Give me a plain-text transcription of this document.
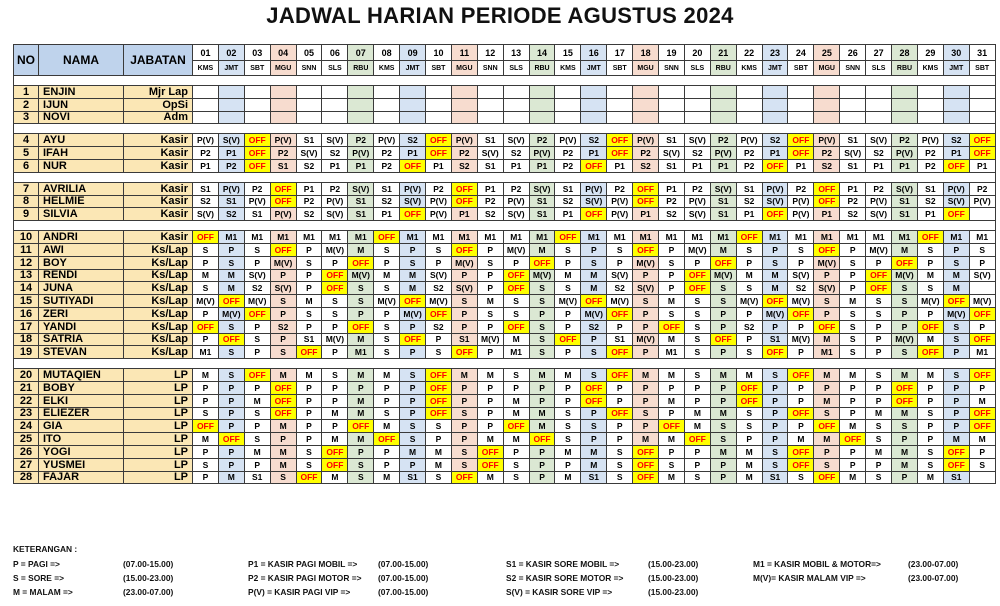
JADWAL HARIAN PERIODE AGUSTUS 2024
NO	NAMA	JABATAN	01	02	03	04	05	06	07	08	09	10	11	12	13	14	15	16	17	18	19	20	21	22	23	24	25	26	27	28	29	30	31
			KMS	JMT	SBT	MGU	SNN	SLS	RBU	KMS	JMT	SBT	MGU	SNN	SLS	RBU	KMS	JMT	SBT	MGU	SNN	SLS	RBU	KMS	JMT	SBT	MGU	SNN	SLS	RBU	KMS	JMT	SBT

1	ENJIN	Mjr Lap																															
2	IJUN	OpSi																															
3	NOVI	Adm																															

4	AYU	Kasir	P(V)	S(V)	OFF	P(V)	S1	S(V)	P2	P(V)	S2	OFF	P(V)	S1	S(V)	P2	P(V)	S2	OFF	P(V)	S1	S(V)	P2	P(V)	S2	OFF	P(V)	S1	S(V)	P2	P(V)	S2	OFF
5	IFAH	Kasir	P2	P1	OFF	P2	S(V)	S2	P(V)	P2	P1	OFF	P2	S(V)	S2	P(V)	P2	P1	OFF	P2	S(V)	S2	P(V)	P2	P1	OFF	P2	S(V)	S2	P(V)	P2	P1	OFF
6	NUR	Kasir	P1	P2	OFF	S1	S2	P1	P1	P2	OFF	P1	S2	S1	P1	P1	P2	OFF	P1	S2	S1	P1	P1	P2	OFF	P1	S2	S1	P1	P1	P2	OFF	P1

7	AVRILIA	Kasir	S1	P(V)	P2	OFF	P1	P2	S(V)	S1	P(V)	P2	OFF	P1	P2	S(V)	S1	P(V)	P2	OFF	P1	P2	S(V)	S1	P(V)	P2	OFF	P1	P2	S(V)	S1	P(V)	P2
8	HELMIE	Kasir	S2	S1	P(V)	OFF	P2	P(V)	S1	S2	S(V)	P(V)	OFF	P2	P(V)	S1	S2	S(V)	P(V)	OFF	P2	P(V)	S1	S2	S(V)	P(V)	OFF	P2	P(V)	S1	S2	S(V)	P(V)
9	SILVIA	Kasir	S(V)	S2	S1	P(V)	S2	S(V)	S1	P1	OFF	P(V)	P1	S2	S(V)	S1	P1	OFF	P(V)	P1	S2	S(V)	S1	P1	OFF	P(V)	P1	S2	S(V)	S1	P1	OFF	

10	ANDRI	Kasir	OFF	M1	M1	M1	M1	M1	M1	OFF	M1	M1	M1	M1	M1	M1	OFF	M1	M1	M1	M1	M1	M1	OFF	M1	M1	M1	M1	M1	M1	OFF	M1	M1
11	AWI	Ks/Lap	S	P	S	OFF	P	M(V)	M	S	P	S	OFF	P	M(V)	M	S	P	S	OFF	P	M(V)	M	S	P	S	OFF	P	M(V)	M	S	P	S
12	BOY	Ks/Lap	P	S	P	M(V)	S	P	OFF	P	S	P	M(V)	S	P	OFF	P	S	P	M(V)	S	P	OFF	P	S	P	M(V)	S	P	OFF	P	S	P
13	RENDI	Ks/Lap	M	M	S(V)	P	P	OFF	M(V)	M	M	S(V)	P	P	OFF	M(V)	M	M	S(V)	P	P	OFF	M(V)	M	M	S(V)	P	P	OFF	M(V)	M	M	S(V)
14	JUNA	Ks/Lap	S	M	S2	S(V)	P	OFF	S	S	M	S2	S(V)	P	OFF	S	S	M	S2	S(V)	P	OFF	S	S	M	S2	S(V)	P	OFF	S	S	M	
15	SUTIYADI	Ks/Lap	M(V)	OFF	M(V)	S	M	S	S	M(V)	OFF	M(V)	S	M	S	S	M(V)	OFF	M(V)	S	M	S	S	M(V)	OFF	M(V)	S	M	S	S	M(V)	OFF	M(V)
16	ZERI	Ks/Lap	P	M(V)	OFF	P	S	S	P	P	M(V)	OFF	P	S	S	P	P	M(V)	OFF	P	S	S	P	P	M(V)	OFF	P	S	S	P	P	M(V)	OFF
17	YANDI	Ks/Lap	OFF	S	P	S2	P	P	OFF	S	P	S2	P	P	OFF	S	P	S2	P	P	OFF	S	P	S2	P	P	OFF	S	P	P	OFF	S	P
18	SATRIA	Ks/Lap	P	OFF	S	P	S1	M(V)	M	S	OFF	P	S1	M(V)	M	S	OFF	P	S1	M(V)	M	S	OFF	P	S1	M(V)	M	S	P	M(V)	M	S	OFF
19	STEVAN	Ks/Lap	M1	S	P	S	OFF	P	M1	S	P	S	OFF	P	M1	S	P	S	OFF	P	M1	S	P	S	OFF	P	M1	S	P	S	OFF	P	M1

20	MUTAQIEN	LP	M	S	OFF	M	M	S	M	M	S	OFF	M	M	S	M	M	S	OFF	M	M	S	M	M	S	OFF	M	M	S	M	M	S	OFF
21	BOBY	LP	P	P	P	OFF	P	P	P	P	P	OFF	P	P	P	P	P	OFF	P	P	P	P	P	OFF	P	P	P	P	P	OFF	P	P	P
22	ELKI	LP	P	P	M	OFF	P	P	M	P	P	OFF	P	P	M	P	P	OFF	P	P	M	P	P	OFF	P	P	M	P	P	OFF	P	P	M
23	ELIEZER	LP	S	P	S	OFF	P	M	M	S	P	OFF	S	P	M	M	S	P	OFF	S	P	M	M	S	P	OFF	S	P	M	M	S	P	OFF
24	GIA	LP	OFF	P	P	M	P	P	OFF	M	S	S	P	P	OFF	M	S	S	P	P	OFF	M	S	S	P	P	OFF	M	S	S	P	P	OFF
25	ITO	LP	M	OFF	S	P	P	M	M	OFF	S	P	P	M	M	OFF	S	P	P	M	M	OFF	S	P	P	M	M	OFF	S	P	P	M	M
26	YOGI	LP	P	P	M	M	S	OFF	P	P	M	M	S	OFF	P	P	M	M	S	OFF	P	P	M	M	S	OFF	P	P	M	M	S	OFF	P
27	YUSMEI	LP	S	P	P	M	S	OFF	S	P	P	M	S	OFF	S	P	P	M	S	OFF	S	P	P	M	S	OFF	S	P	P	M	S	OFF	S
28	FAJAR	LP	P	M	S1	S	OFF	M	S	M	S1	S	OFF	M	S	P	M	S1	S	OFF	M	S	P	M	S1	S	OFF	M	S	P	M	S1	
KETERANGAN :
P = PAGI =>	(07.00-15.00)
S = SORE =>	(15.00-23.00)
M = MALAM =>	(23.00-07.00)
P1 = KASIR PAGI MOBIL => (07.00-15.00)
P2 = KASIR PAGI MOTOR => (07.00-15.00)
P(V) = KASIR PAGI VIP =>	(07.00-15.00)
S1 = KASIR SORE MOBIL =>	(15.00-23.00)
S2 = KASIR SORE MOTOR =>	(15.00-23.00)
S(V) = KASIR SORE VIP =>	(15.00-23.00)
M1 = KASIR MOBIL & MOTOR=>	(23.00-07.00)
M(V)= KASIR MALAM VIP =>	(23.00-07.00)
